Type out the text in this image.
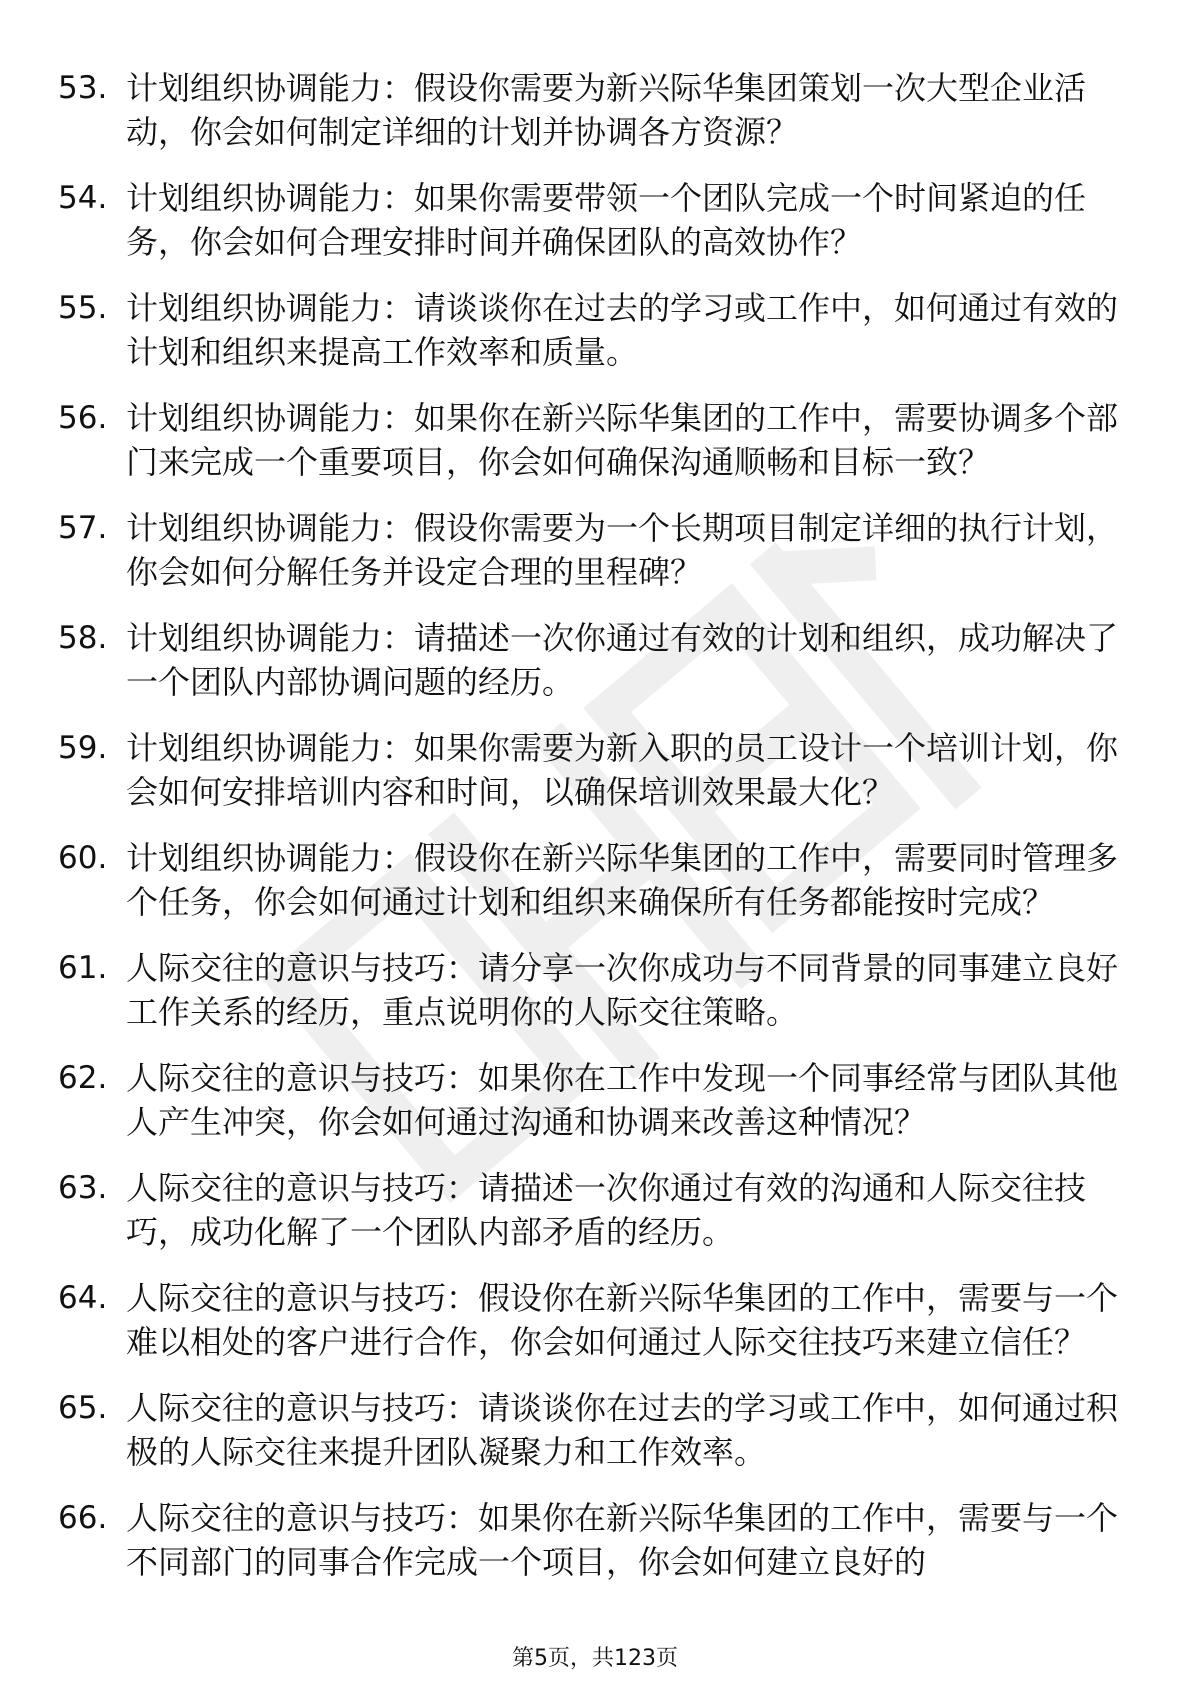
53. 计划组织协调能力：假设你需要为新兴际华集团策划一次大型企业活动，你会如何制定详细的计划并协调各方资源？
54. 计划组织协调能力：如果你需要带领一个团队完成一个时间紧迫的任务，你会如何合理安排时间并确保团队的高效协作？
55. 计划组织协调能力：请谈谈你在过去的学习或工作中，如何通过有效的计划和组织来提高工作效率和质量。
56. 计划组织协调能力：如果你在新兴际华集团的工作中，需要协调多个部门来完成一个重要项目，你会如何确保沟通顺畅和目标一致？
57. 计划组织协调能力：假设你需要为一个长期项目制定详细的执行计划，你会如何分解任务并设定合理的里程碑？
58. 计划组织协调能力：请描述一次你通过有效的计划和组织，成功解决了一个团队内部协调问题的经历。
59. 计划组织协调能力：如果你需要为新入职的员工设计一个培训计划，你会如何安排培训内容和时间，以确保培训效果最大化？
60. 计划组织协调能力：假设你在新兴际华集团的工作中，需要同时管理多个任务，你会如何通过计划和组织来确保所有任务都能按时完成？
61. 人际交往的意识与技巧：请分享一次你成功与不同背景的同事建立良好工作关系的经历，重点说明你的人际交往策略。
62. 人际交往的意识与技巧：如果你在工作中发现一个同事经常与团队其他人产生冲突，你会如何通过沟通和协调来改善这种情况？
63. 人际交往的意识与技巧：请描述一次你通过有效的沟通和人际交往技巧，成功化解了一个团队内部矛盾的经历。
64. 人际交往的意识与技巧：假设你在新兴际华集团的工作中，需要与一个难以相处的客户进行合作，你会如何通过人际交往技巧来建立信任？
65. 人际交往的意识与技巧：请谈谈你在过去的学习或工作中，如何通过积极的人际交往来提升团队凝聚力和工作效率。
66. 人际交往的意识与技巧：如果你在新兴际华集团的工作中，需要与一个不同部门的同事合作完成一个项目，你会如何建立良好的
第5页，共123页
